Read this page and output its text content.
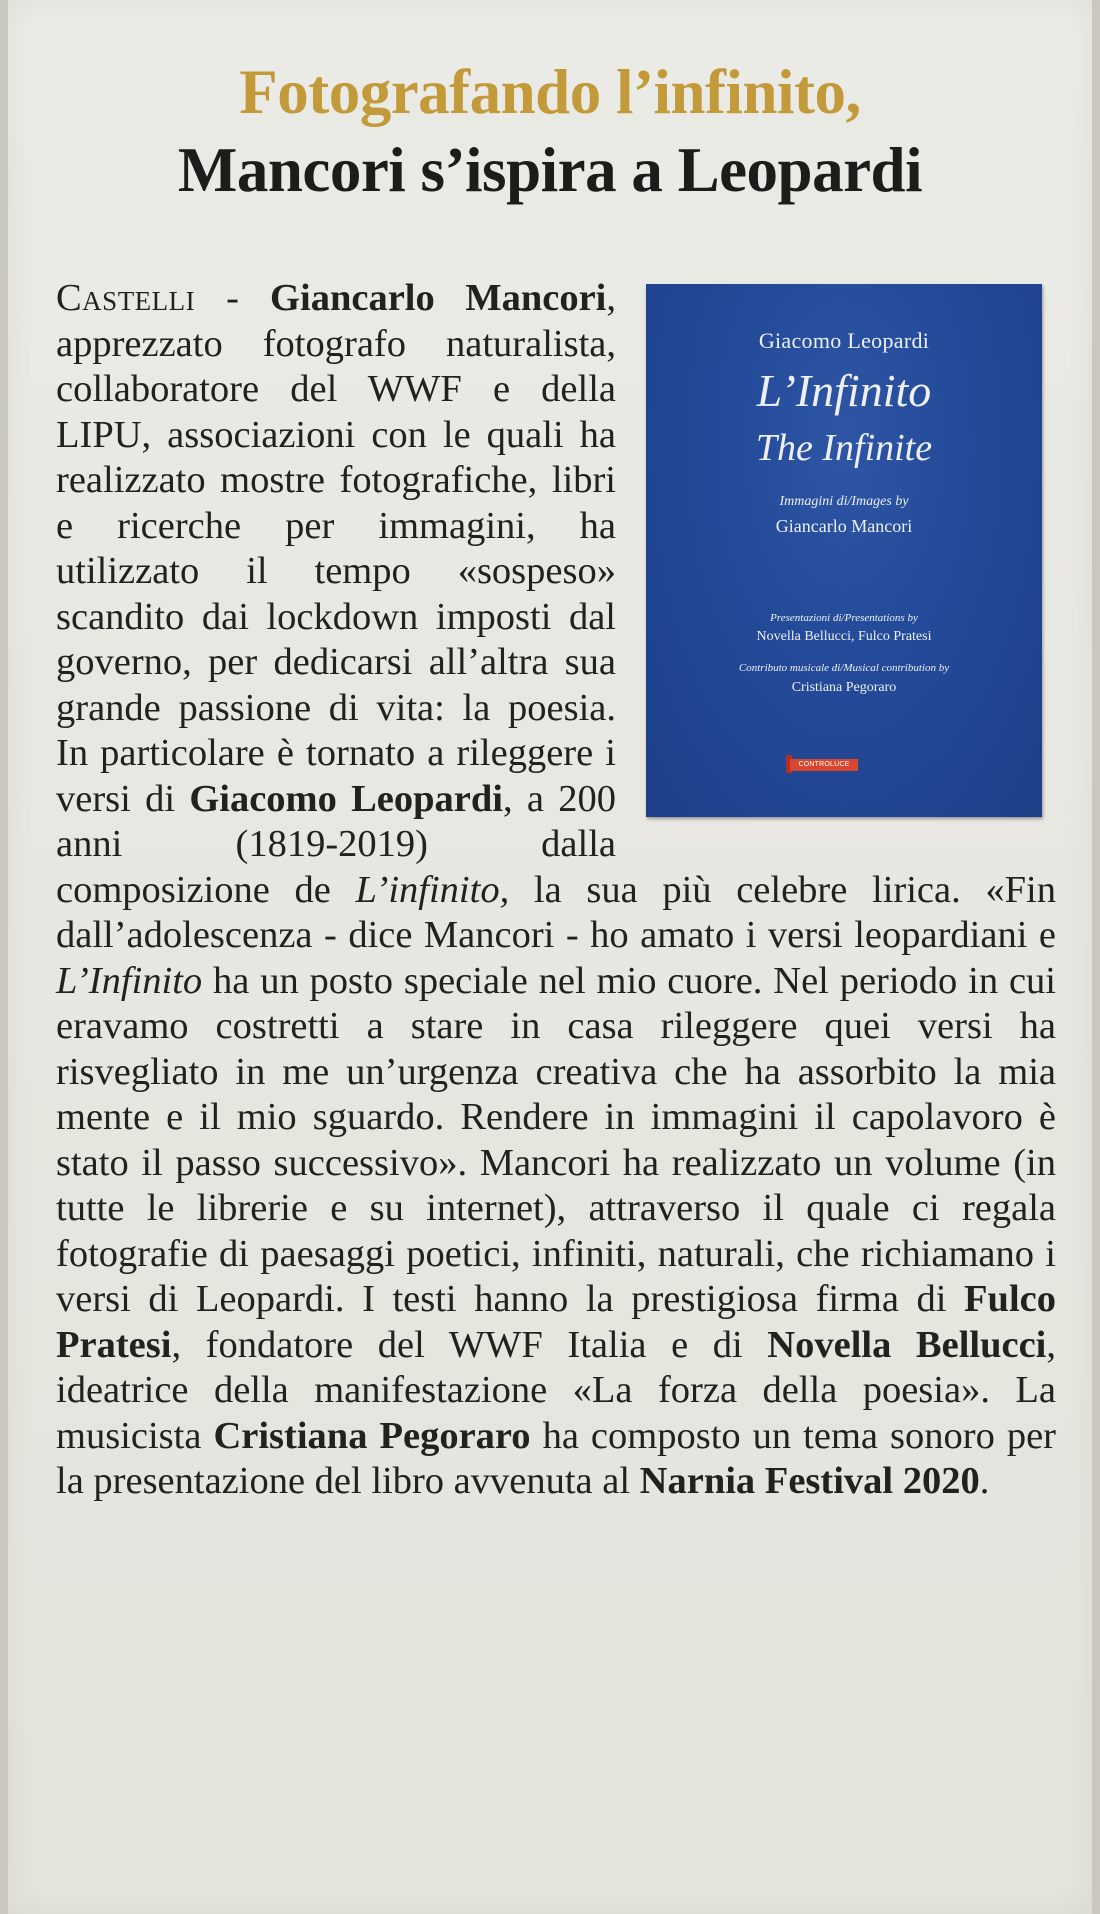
Fotografando l’infinito,
Mancori s’ispira a Leopardi
Castelli - Giancarlo Mancori, apprezzato fotografo naturalista, collaboratore del WWF e della LIPU, associazioni con le quali ha realizzato mostre fotografiche, libri e ricerche per immagini, ha utilizzato il tempo «sospeso» scandito dai lockdown imposti dal governo, per dedicarsi all’altra sua grande passione di vita: la poesia. In particolare è tornato a rileggere i versi di Giacomo Leopardi, a 200 anni (1819-2019) dalla composizione de L’infinito, la sua più celebre lirica. «Fin dall’adolescenza - dice Mancori - ho amato i versi leopardiani e L’Infinito ha un posto speciale nel mio cuore. Nel periodo in cui eravamo costretti a stare in casa rileggere quei versi ha risvegliato in me un’urgenza creativa che ha assorbito la mia mente e il mio sguardo. Rendere in immagini il capolavoro è stato il passo successivo». Mancori ha realizzato un volume (in tutte le librerie e su internet), attraverso il quale ci regala fotografie di paesaggi poetici, infiniti, naturali, che richiamano i versi di Leopardi. I testi hanno la prestigiosa firma di Fulco Pratesi, fondatore del WWF Italia e di Novella Bellucci, ideatrice della manifestazione «La forza della poesia». La musicista Cristiana Pegoraro ha composto un tema sonoro per la presentazione del libro avvenuta al Narnia Festival 2020.
Giacomo Leopardi
L’Infinito
The Infinite
Immagini di/Images by
Giancarlo Mancori
Presentazioni di/Presentations by
Novella Bellucci, Fulco Pratesi
Contributo musicale di/Musical contribution by
Cristiana Pegoraro
CONTROLUCE
